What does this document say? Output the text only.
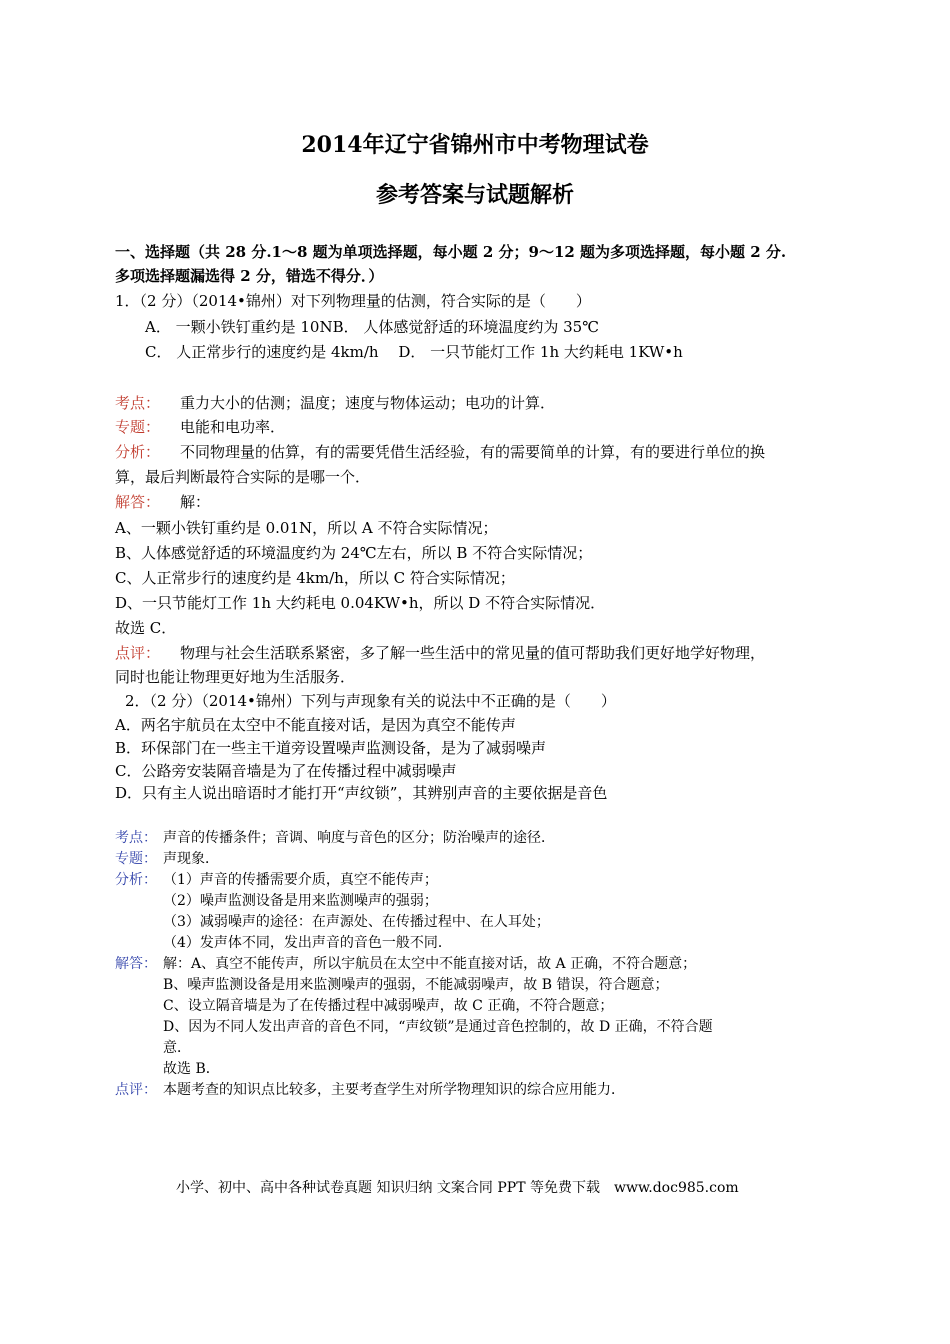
2014年辽宁省锦州市中考物理试卷
参考答案与试题解析
一、选择题（共 28 分.1～8 题为单项选择题，每小题 2 分；9～12 题为多项选择题，每小题 2 分.
多项选择题漏选得 2 分，错选不得分．）
1．（2 分）（2014•锦州）对下列物理量的估测，符合实际的是（　　）
A． 一颗小铁钉重约是 10NB． 人体感觉舒适的环境温度约为 35℃
C． 人正常步行的速度约是 4km/h　 D． 一只节能灯工作 1h 大约耗电 1KW•h
考点： 重力大小的估测；温度；速度与物体运动；电功的计算．
专题： 电能和电功率．
分析： 不同物理量的估算，有的需要凭借生活经验，有的需要简单的计算，有的要进行单位的换
算，最后判断最符合实际的是哪一个．
解答： 解：
A、一颗小铁钉重约是 0.01N，所以 A 不符合实际情况；
B、人体感觉舒适的环境温度约为 24℃左右，所以 B 不符合实际情况；
C、人正常步行的速度约是 4km/h，所以 C 符合实际情况；
D、一只节能灯工作 1h 大约耗电 0.04KW•h，所以 D 不符合实际情况．
故选 C．
点评： 物理与社会生活联系紧密，多了解一些生活中的常见量的值可帮助我们更好地学好物理，
同时也能让物理更好地为生活服务．
2．（2 分）（2014•锦州）下列与声现象有关的说法中不正确的是（　　）
A．两名宇航员在太空中不能直接对话，是因为真空不能传声
B．环保部门在一些主干道旁设置噪声监测设备，是为了减弱噪声
C．公路旁安装隔音墙是为了在传播过程中减弱噪声
D．只有主人说出暗语时才能打开“声纹锁”，其辨别声音的主要依据是音色
考点： 声音的传播条件；音调、响度与音色的区分；防治噪声的途径．
专题： 声现象．
分析： （1）声音的传播需要介质，真空不能传声；
（2）噪声监测设备是用来监测噪声的强弱；
（3）减弱噪声的途径：在声源处、在传播过程中、在人耳处；
（4）发声体不同，发出声音的音色一般不同．
解答： 解：A、真空不能传声，所以宇航员在太空中不能直接对话，故 A 正确，不符合题意；
B、噪声监测设备是用来监测噪声的强弱，不能减弱噪声，故 B 错误，符合题意；
C、设立隔音墙是为了在传播过程中减弱噪声，故 C 正确，不符合题意；
D、因为不同人发出声音的音色不同，“声纹锁”是通过音色控制的，故 D 正确，不符合题
意．
故选 B．
点评： 本题考查的知识点比较多，主要考查学生对所学物理知识的综合应用能力．
小学、初中、高中各种试卷真题 知识归纳 文案合同 PPT 等免费下载　www.doc985.com
